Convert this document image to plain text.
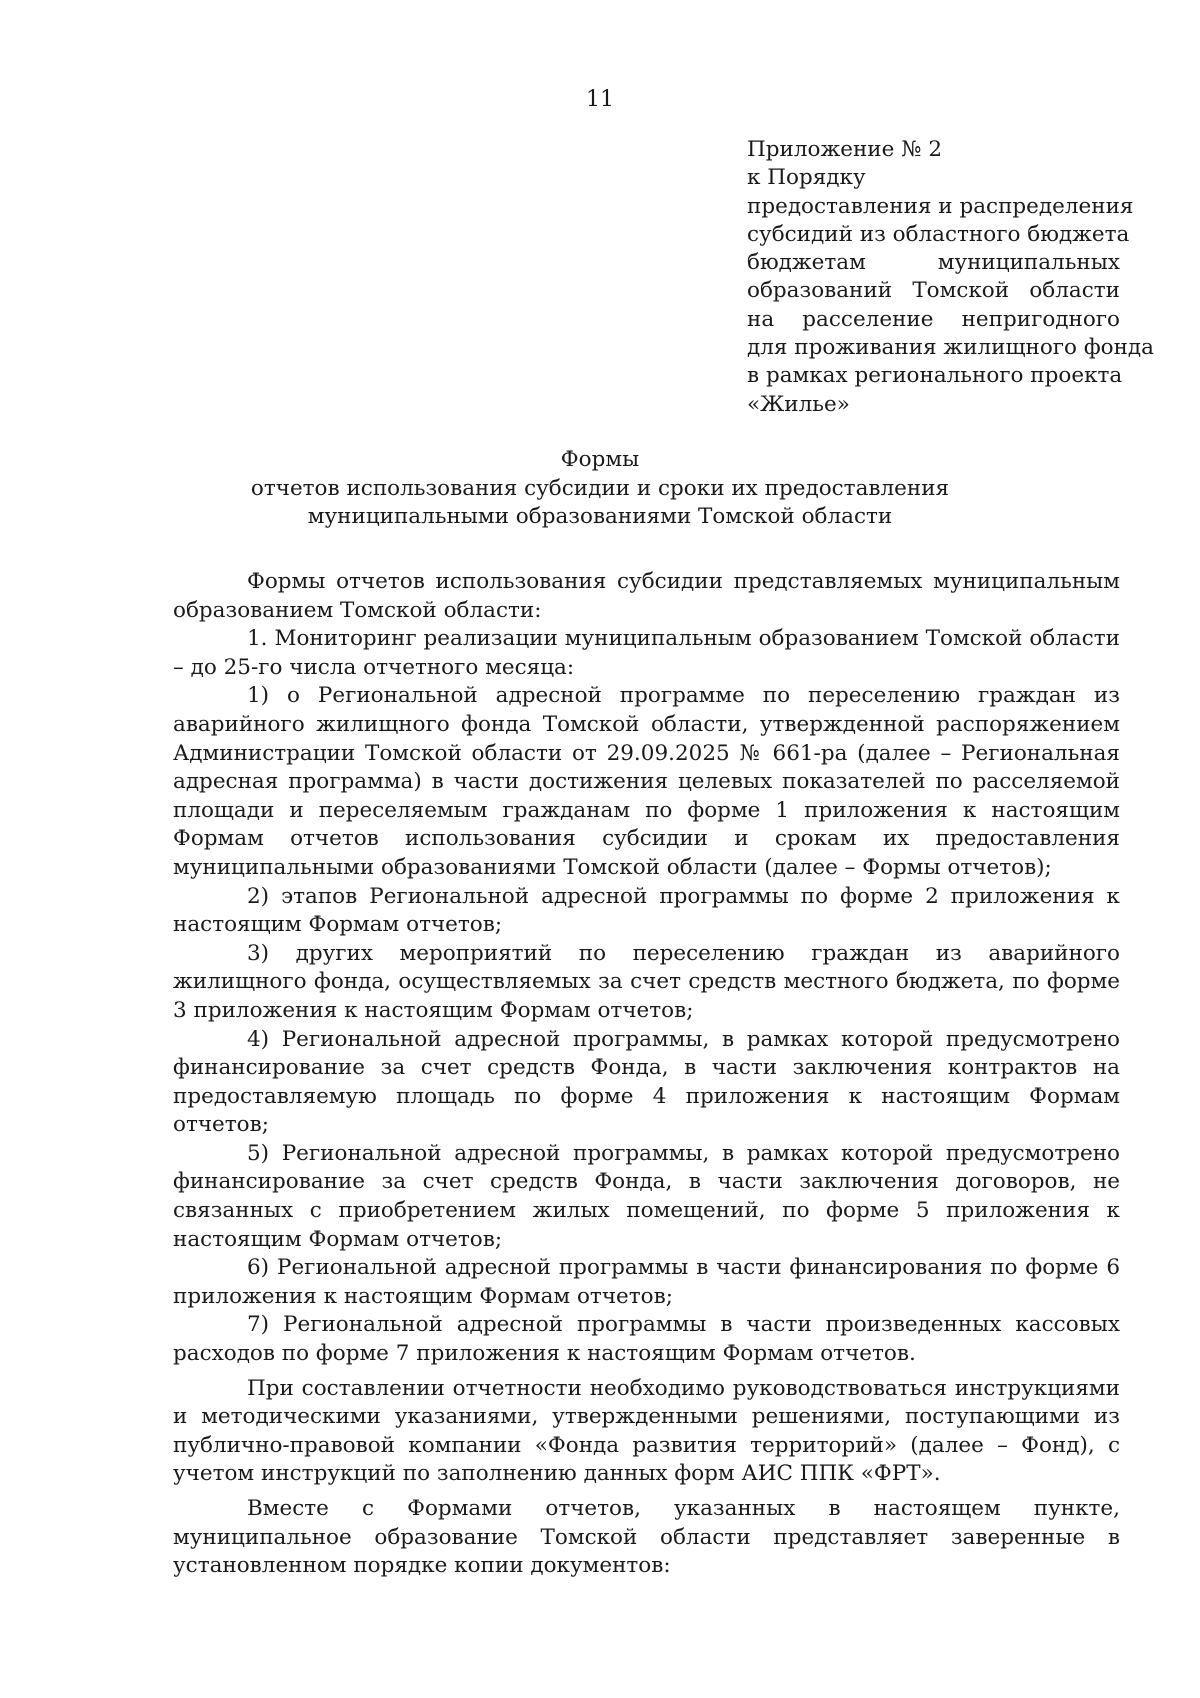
11
Приложение № 2
к Порядку
предоставления и распределения
субсидий из областного бюджета
бюджетам муниципальных
образований Томской области
на расселение непригодного
для проживания жилищного фонда
в рамках регионального проекта
«Жилье»
Формы
отчетов использования субсидии и сроки их предоставления
муниципальными образованиями Томской области

Формы отчетов использования субсидии представляемых муниципальным образованием Томской области:

1. Мониторинг реализации муниципальным образованием Томской области – до 25-го числа отчетного месяца:

1) о Региональной адресной программе по переселению граждан из аварийного жилищного фонда Томской области, утвержденной распоряжением Администрации Томской области от 29.09.2025 № 661-ра (далее – Региональная адресная программа) в части достижения целевых показателей по расселяемой площади и переселяемым гражданам по форме 1 приложения к настоящим Формам отчетов использования субсидии и срокам их предоставления муниципальными образованиями Томской области (далее – Формы отчетов);

2) этапов Региональной адресной программы по форме 2 приложения к настоящим Формам отчетов;

3) других мероприятий по переселению граждан из аварийного жилищного фонда, осуществляемых за счет средств местного бюджета, по форме 3 приложения к настоящим Формам отчетов;

4) Региональной адресной программы, в рамках которой предусмотрено финансирование за счет средств Фонда, в части заключения контрактов на предоставляемую площадь по форме 4 приложения к настоящим Формам отчетов;

5) Региональной адресной программы, в рамках которой предусмотрено финансирование за счет средств Фонда, в части заключения договоров, не связанных с приобретением жилых помещений, по форме 5 приложения к настоящим Формам отчетов;

6) Региональной адресной программы в части финансирования по форме 6 приложения к настоящим Формам отчетов;

7) Региональной адресной программы в части произведенных кассовых расходов по форме 7 приложения к настоящим Формам отчетов.

При составлении отчетности необходимо руководствоваться инструкциями и методическими указаниями, утвержденными решениями, поступающими из публично-правовой компании «Фонда развития территорий» (далее – Фонд), с учетом инструкций по заполнению данных форм АИС ППК «ФРТ».

Вместе с Формами отчетов, указанных в настоящем пункте, муниципальное образование Томской области представляет заверенные в установленном порядке копии документов:
